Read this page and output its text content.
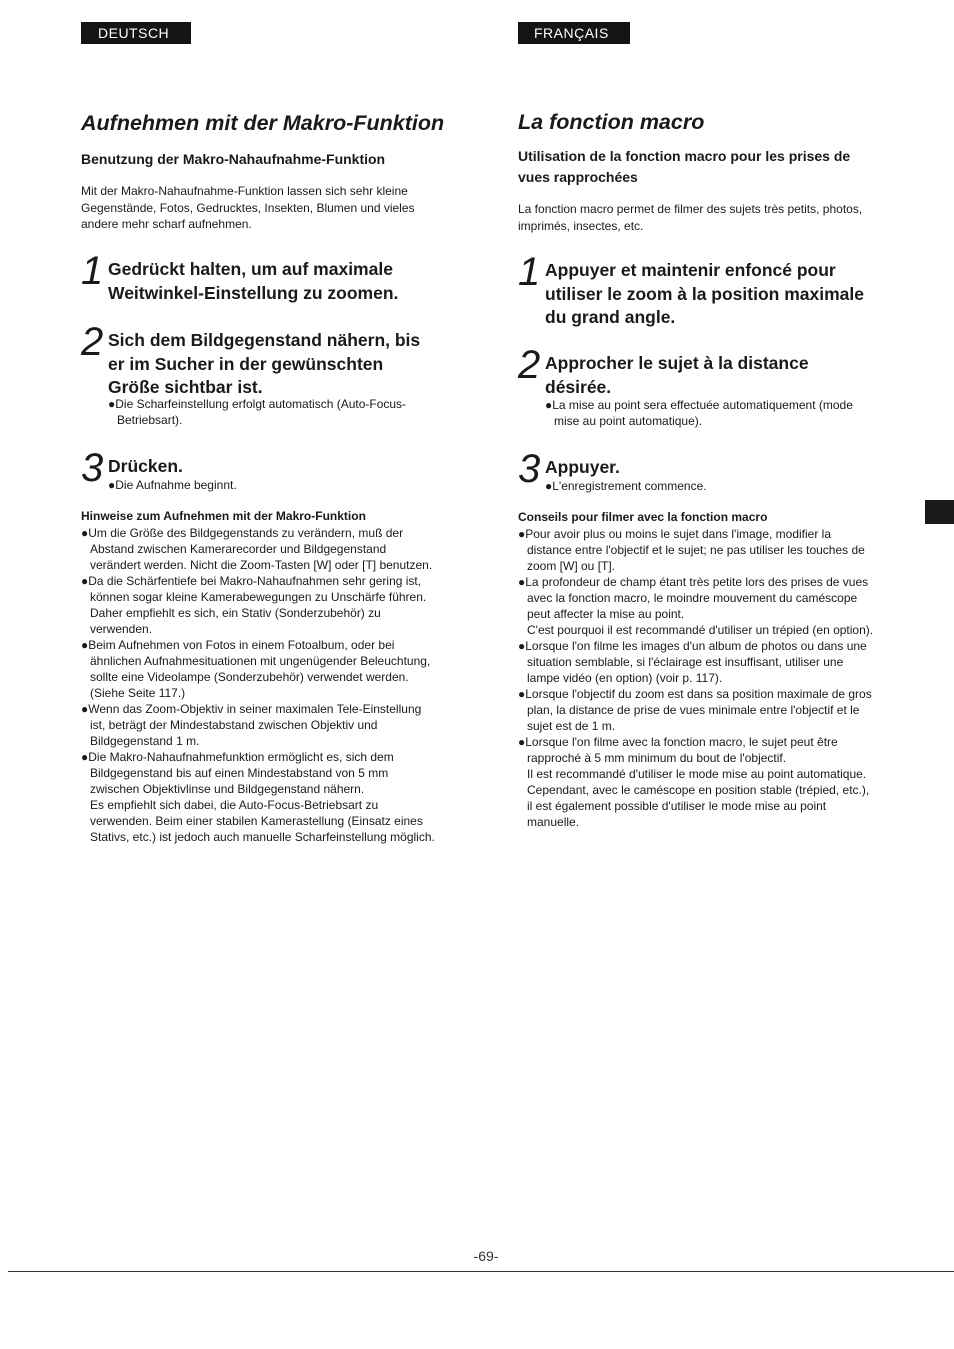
DEUTSCH	FRANÇAIS
Aufnehmen mit der Makro-Funktion
Benutzung der Makro-Nahaufnahme-Funktion

Mit der Makro-Nahaufnahme-Funktion lassen sich sehr kleine
Gegenstände, Fotos, Gedrucktes, Insekten, Blumen und vieles
andere mehr scharf aufnehmen.

1 Gedrückt halten, um auf maximale
Weitwinkel-Einstellung zu zoomen.

2 Sich dem Bildgegenstand nähern, bis
er im Sucher in der gewünschten
Größe sichtbar ist.

●Die Scharfeinstellung erfolgt automatisch (Auto-Focus-
Betriebsart).

3 Drücken.

●Die Aufnahme beginnt.

Hinweise zum Aufnehmen mit der Makro-Funktion
●Um die Größe des Bildgegenstands zu verändern, muß der
Abstand zwischen Kamerarecorder und Bildgegenstand
verändert werden. Nicht die Zoom-Tasten [W] oder [T] benutzen.
●Da die Schärfentiefe bei Makro-Nahaufnahmen sehr gering ist,
können sogar kleine Kamerabewegungen zu Unschärfe führen.
Daher empfiehlt es sich, ein Stativ (Sonderzubehör) zu
verwenden.
●Beim Aufnehmen von Fotos in einem Fotoalbum, oder bei
ähnlichen Aufnahmesituationen mit ungenügender Beleuchtung,
sollte eine Videolampe (Sonderzubehör) verwendet werden.
(Siehe Seite 117.)
●Wenn das Zoom-Objektiv in seiner maximalen Tele-Einstellung
ist, beträgt der Mindestabstand zwischen Objektiv und
Bildgegenstand 1 m.
●Die Makro-Nahaufnahmefunktion ermöglicht es, sich dem
Bildgegenstand bis auf einen Mindestabstand von 5 mm
zwischen Objektivlinse und Bildgegenstand nähern.
Es empfiehlt sich dabei, die Auto-Focus-Betriebsart zu
verwenden. Beim einer stabilen Kamerastellung (Einsatz eines
Stativs, etc.) ist jedoch auch manuelle Scharfeinstellung möglich.
La fonction macro
Utilisation de la fonction macro pour les prises de
vues rapprochées

La fonction macro permet de filmer des sujets très petits, photos,
imprimés, insectes, etc.

1 Appuyer et maintenir enfoncé pour
utiliser le zoom à la position maximale
du grand angle.

2 Approcher le sujet à la distance
désirée.

●La mise au point sera effectuée automatiquement (mode
mise au point automatique).

3 Appuyer.

●L'enregistrement commence.

Conseils pour filmer avec la fonction macro
●Pour avoir plus ou moins le sujet dans l'image, modifier la
distance entre l'objectif et le sujet; ne pas utiliser les touches de
zoom [W] ou [T].
●La profondeur de champ étant très petite lors des prises de vues
avec la fonction macro, le moindre mouvement du caméscope
peut affecter la mise au point.
C'est pourquoi il est recommandé d'utiliser un trépied (en option).
●Lorsque l'on filme les images d'un album de photos ou dans une
situation semblable, si l'éclairage est insuffisant, utiliser une
lampe vidéo (en option) (voir p. 117).
●Lorsque l'objectif du zoom est dans sa position maximale de gros
plan, la distance de prise de vues minimale entre l'objectif et le
sujet est de 1 m.
●Lorsque l'on filme avec la fonction macro, le sujet peut être
rapproché à 5 mm minimum du bout de l'objectif.
Il est recommandé d'utiliser le mode mise au point automatique.
Cependant, avec le caméscope en position stable (trépied, etc.),
il est également possible d'utiliser le mode mise au point
manuelle.
-69-
